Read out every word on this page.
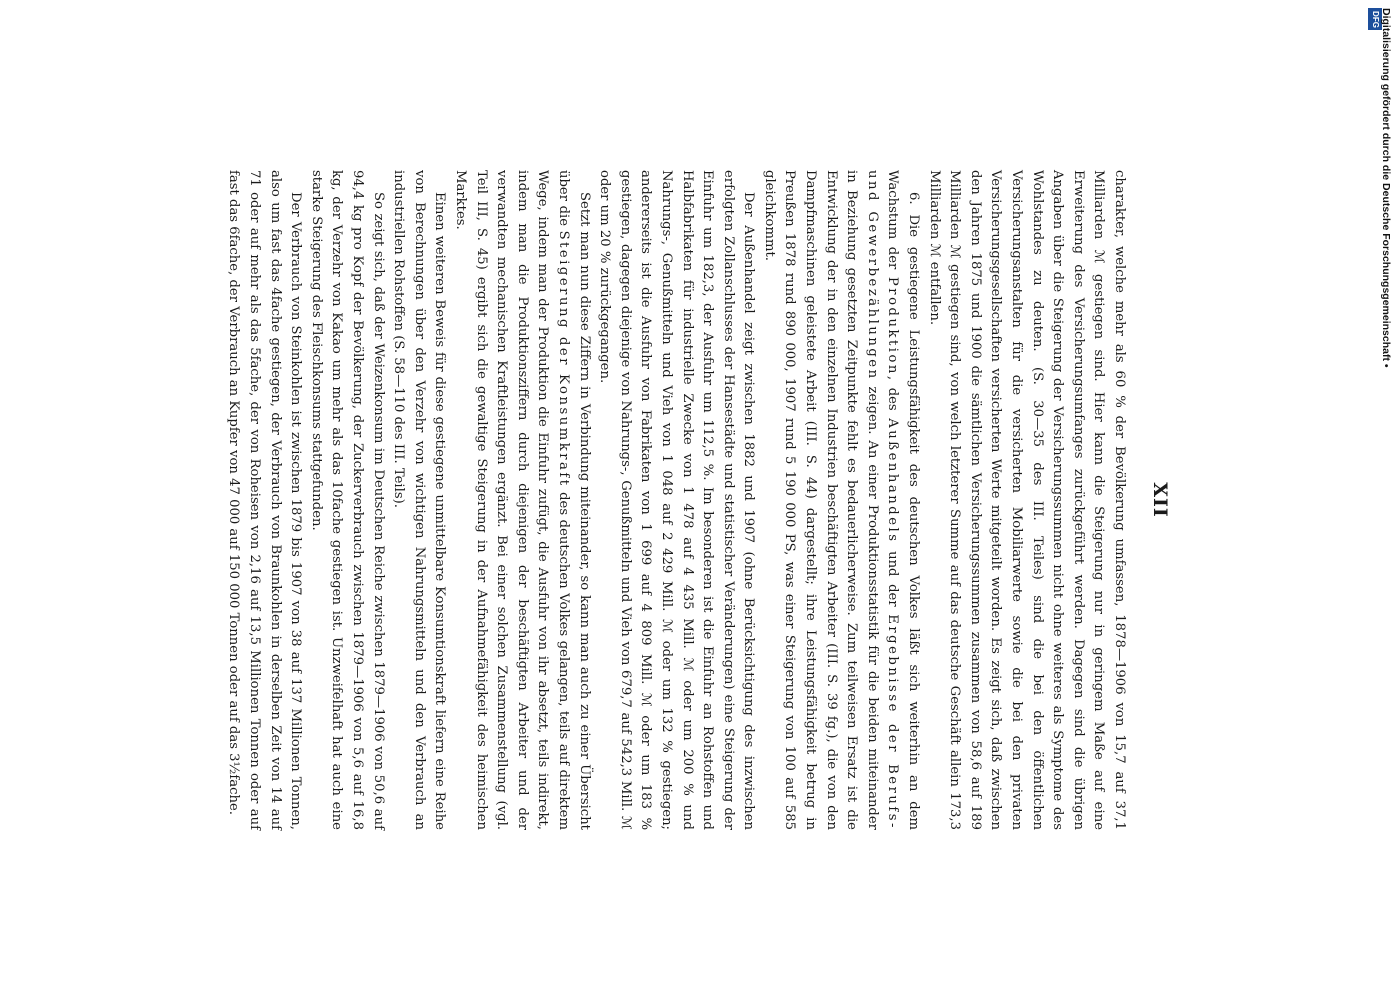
XII

charakter, welche mehr als 60 % der Bevölkerung umfassen, 1878—1906 von 15,7 auf 37,1 Milliarden ℳ gestiegen sind. Hier kann die Steigerung nur in geringem Maße auf eine Erweiterung des Versicherungsumfanges zurückgeführt werden. Dagegen sind die übrigen Angaben über die Steigerung der Versicherungssummen nicht ohne weiteres als Symptome des Wohlstandes zu deuten. (S. 30—35 des III. Teiles) sind die bei den öffentlichen Versicherungsanstalten für die versicherten Mobiliarwerte sowie die bei den privaten Versicherungsgesellschaften versicherten Werte mitgeteilt worden. Es zeigt sich, daß zwischen den Jahren 1875 und 1900 die sämtlichen Versicherungssummen zusammen von 58,6 auf 189 Milliarden ℳ gestiegen sind, von welch letzterer Summe auf das deutsche Geschäft allein 173,3 Milliarden ℳ entfallen.

6. Die gestiegene Leistungsfähigkeit des deutschen Volkes läßt sich weiterhin an dem Wachstum der Produktion, des Außenhandels und der Ergebnisse der Berufs- und Gewerbezählungen zeigen. An einer Produktionsstatistik für die beiden miteinander in Beziehung gesetzten Zeitpunkte fehlt es bedauerlicherweise. Zum teilweisen Ersatz ist die Entwicklung der in den einzelnen Industrien beschäftigten Arbeiter (III. S. 39 fg.), die von den Dampfmaschinen geleistete Arbeit (III. S. 44) dargestellt; ihre Leistungsfähigkeit betrug in Preußen 1878 rund 890 000, 1907 rund 5 190 000 PS, was einer Steigerung von 100 auf 585 gleichkommt.

Der Außenhandel zeigt zwischen 1882 und 1907 (ohne Berücksichtigung des inzwischen erfolgten Zollanschlusses der Hansestädte und statistischer Veränderungen) eine Steigerung der Einfuhr um 182,3, der Ausfuhr um 112,5 %. Im besonderen ist die Einfuhr an Rohstoffen und Halbfabrikaten für industrielle Zwecke von 1 478 auf 4 435 Mill. ℳ oder um 200 % und Nahrungs-, Genußmitteln und Vieh von 1 048 auf 2 429 Mill. ℳ oder um 132 % gestiegen; andererseits ist die Ausfuhr von Fabrikaten von 1 699 auf 4 809 Mill. ℳ oder um 183 % gestiegen, dagegen diejenige von Nahrungs-, Genußmitteln und Vieh von 679,7 auf 542,3 Mill. ℳ oder um 20 % zurückgegangen.

Setzt man nun diese Ziffern in Verbindung miteinander, so kann man auch zu einer Übersicht über die Steigerung der Konsumkraft des deutschen Volkes gelangen, teils auf direktem Wege, indem man der Produktion die Einfuhr zufügt, die Ausfuhr von ihr absetzt, teils indirekt, indem man die Produktionsziffern durch diejenigen der beschäftigten Arbeiter und der verwandten mechanischen Kraftleistungen ergänzt. Bei einer solchen Zusammenstellung (vgl. Teil III, S. 45) ergibt sich die gewaltige Steigerung in der Aufnahmefähigkeit des heimischen Marktes.

Einen weiteren Beweis für diese gestiegene unmittelbare Konsumtionskraft liefern eine Reihe von Berechnungen über den Verzehr von wichtigen Nahrungsmitteln und den Verbrauch an industriellen Rohstoffen (S. 58—110 des III. Teils).

So zeigt sich, daß der Weizenkonsum im Deutschen Reiche zwischen 1879—1906 von 50,6 auf 94,4 kg pro Kopf der Bevölkerung, der Zuckerverbrauch zwischen 1879—1906 von 5,6 auf 16,8 kg, der Verzehr von Kakao um mehr als das 10fache gestiegen ist. Unzweifelhaft hat auch eine starke Steigerung des Fleischkonsums stattgefunden.

Der Verbrauch von Steinkohlen ist zwischen 1879 bis 1907 von 38 auf 137 Millionen Tonnen, also um fast das 4fache gestiegen, der Verbrauch von Braunkohlen in derselben Zeit von 14 auf 71 oder auf mehr als das 5fache, der von Roheisen von 2,16 auf 13,5 Millionen Tonnen oder auf fast das 6fache, der Verbrauch an Kupfer von 47 000 auf 150 000 Tonnen oder auf das 3½fache.

DFG Digitalisierung gefördert durch die Deutsche Forschungsgemeinschaft •
